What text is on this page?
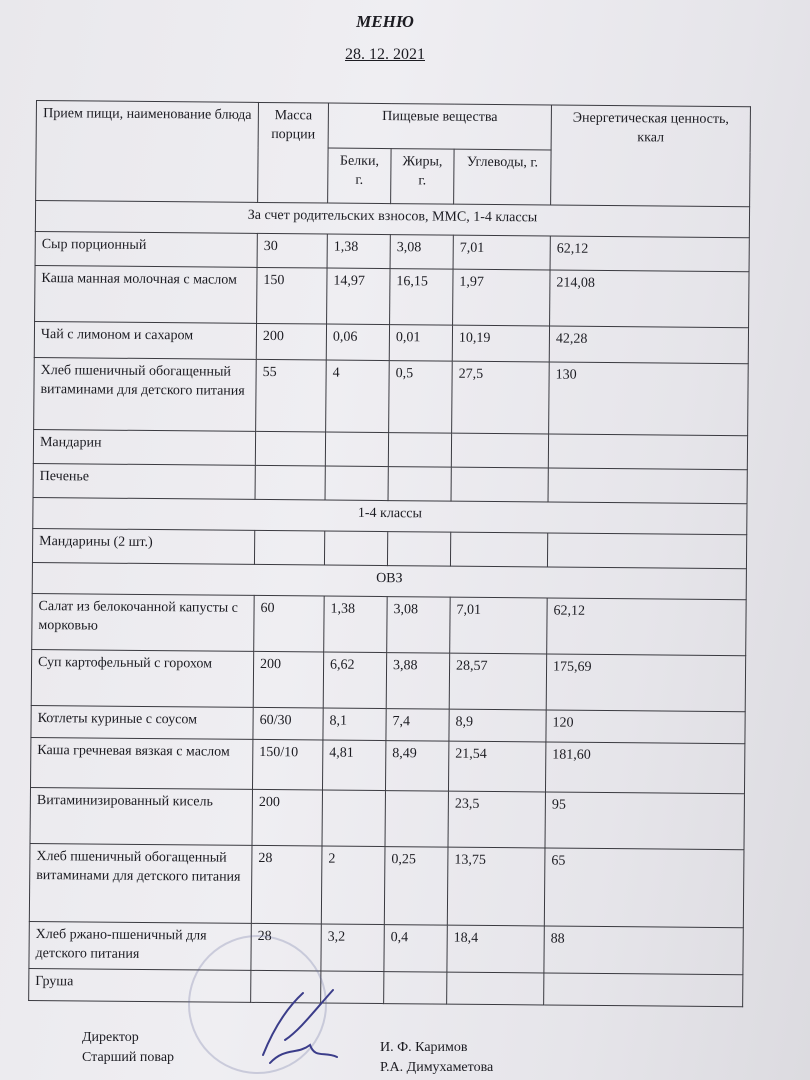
МЕНЮ
28. 12. 2021
Прием пищи, наименование блюда	Масса порции	Пищевые вещества			Энергетическая ценность, ккал
		Белки, г.	Жиры, г.	Углеводы, г.	
За счет родительских взносов, ММС, 1-4 классы					
Сыр порционный	30	1,38	3,08	7,01	62,12
Каша манная молочная с маслом	150	14,97	16,15	1,97	214,08
Чай с лимоном и сахаром	200	0,06	0,01	10,19	42,28
Хлеб пшеничный обогащенный витаминами для детского питания	55	4	0,5	27,5	130
Мандарин					
Печенье					
1-4 классы					
Мандарины (2 шт.)					
ОВЗ					
Салат из белокочанной капусты с морковью	60	1,38	3,08	7,01	62,12
Суп картофельный с горохом	200	6,62	3,88	28,57	175,69
Котлеты куриные с соусом	60/30	8,1	7,4	8,9	120
Каша гречневая вязкая с маслом	150/10	4,81	8,49	21,54	181,60
Витаминизированный кисель	200			23,5	95
Хлеб пшеничный обогащенный витаминами для детского питания	28	2	0,25	13,75	65
Хлеб ржано-пшеничный для детского питания	28	3,2	0,4	18,4	88
Груша					
Директор
Старший повар
И. Ф. Каримов
Р.А. Димухаметова
